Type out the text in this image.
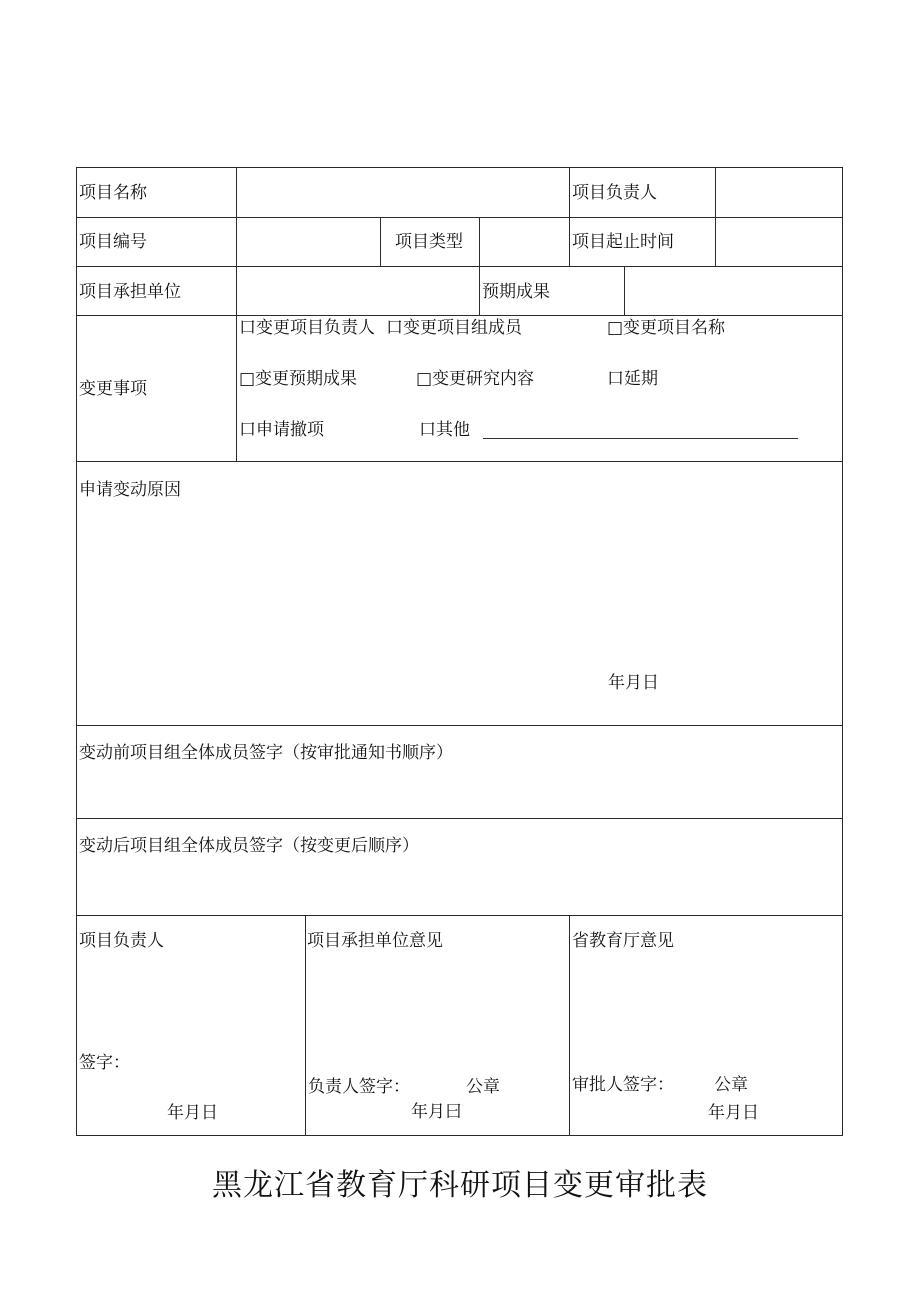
项目名称	项目负责人
项目编号	项目类型	项目起止时间
项目承担单位	预期成果
变更事项
口变更项目负责人 口变更项目组成员	□变更项目名称
□变更预期成果	□变更研究内容	口延期
口申请撤项	口其他
申请变动原因
年月日
变动前项目组全体成员签字（按审批通知书顺序）
变动后项目组全体成员签字（按变更后顺序）
项目负责人
签字：
年月日
项目承担单位意见
负责人签字：	公章
年月曰
省教育厅意见
审批人签字： 公章
年月日
黑龙江省教育厅科研项目变更审批表
